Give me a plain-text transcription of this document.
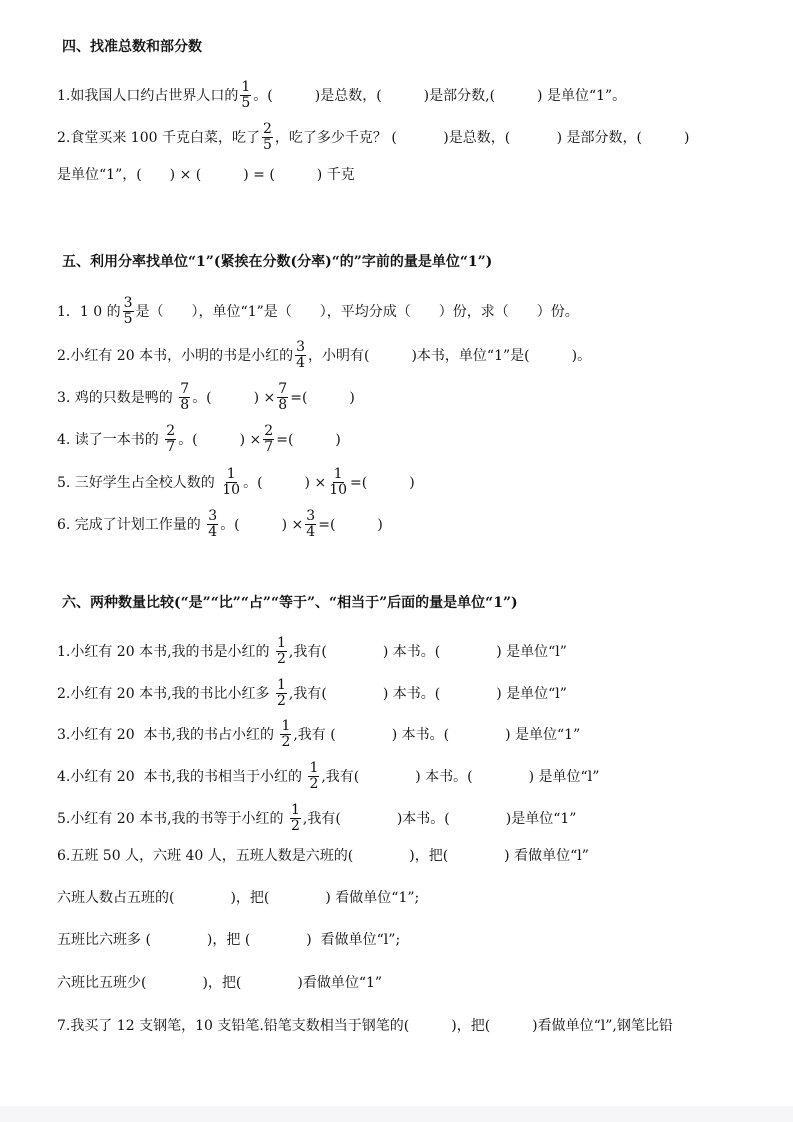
四、找准总数和部分数
1.如我国人口约占世界人口的 $\frac{1}{5}$ 。(　　　)是总数，(　　　)是部分数,(　　　) 是单位“1”。
2.食堂买来 100 千克白菜，吃了 $\frac{2}{5}$ ，吃了多少千克？ (　　　 )是总数，(　　　 ) 是部分数，(　　　)
是单位“1”，(　　) × (　　　) = (　　　) 千克
五、利用分率找单位“1”(紧挨在分数(分率)“的”字前的量是单位“1”)
1．1 0 的 $\frac{3}{5}$ 是（　　），单位“1”是（　　），平均分成（　　）份，求（　　）份。
2.小红有 20 本书，小明的书是小红的 $\frac{3}{4}$ ，小明有(　　　)本书，单位“1”是(　　　)。
3. 鸡的只数是鸭的 $\frac{7}{8}$ 。(　　　) × $\frac{7}{8}$ =(　　　)
4. 读了一本书的 $\frac{2}{7}$ 。(　　　) × $\frac{2}{7}$ =(　　　)
5. 三好学生占全校人数的 $\frac{1}{10}$ 。(　　　) × $\frac{1}{10}$ =(　　　)
6. 完成了计划工作量的 $\frac{3}{4}$ 。(　　　) × $\frac{3}{4}$ =(　　　)
六、两种数量比较(“是”“比”“占”“等于”、“相当于”后面的量是单位“1”)
1.小红有 20 本书,我的书是小红的 $\frac{1}{2}$ ,我有(　　　　) 本书。(　　　　) 是单位“l”
2.小红有 20 本书,我的书比小红多 $\frac{1}{2}$ ,我有(　　　　) 本书。(　　　　) 是单位“l”
3.小红有 20  本书,我的书占小红的 $\frac{1}{2}$ ,我有 (　　　　) 本书。(　　　　) 是单位“1”
4.小红有 20  本书,我的书相当于小红的 $\frac{1}{2}$ ,我有(　　　　) 本书。(　　　　) 是单位“l”
5.小红有 20 本书,我的书等于小红的 $\frac{1}{2}$ ,我有(　　　　)本书。(　　　　)是单位“1”
6.五班 50 人，六班 40 人，五班人数是六班的(　　　　)，把(　　　　) 看做单位“l”
六班人数占五班的(　　　　)，把(　　　　) 看做单位“1”;
五班比六班多 (　　　　)，把 (　　　　)  看做单位“l”;
六班比五班少(　　　　)，把(　　　　)看做单位“1”
7.我买了 12 支钢笔，10 支铅笔.铅笔支数相当于钢笔的(　　　)，把(　　　)看做单位“l”,钢笔比铅
